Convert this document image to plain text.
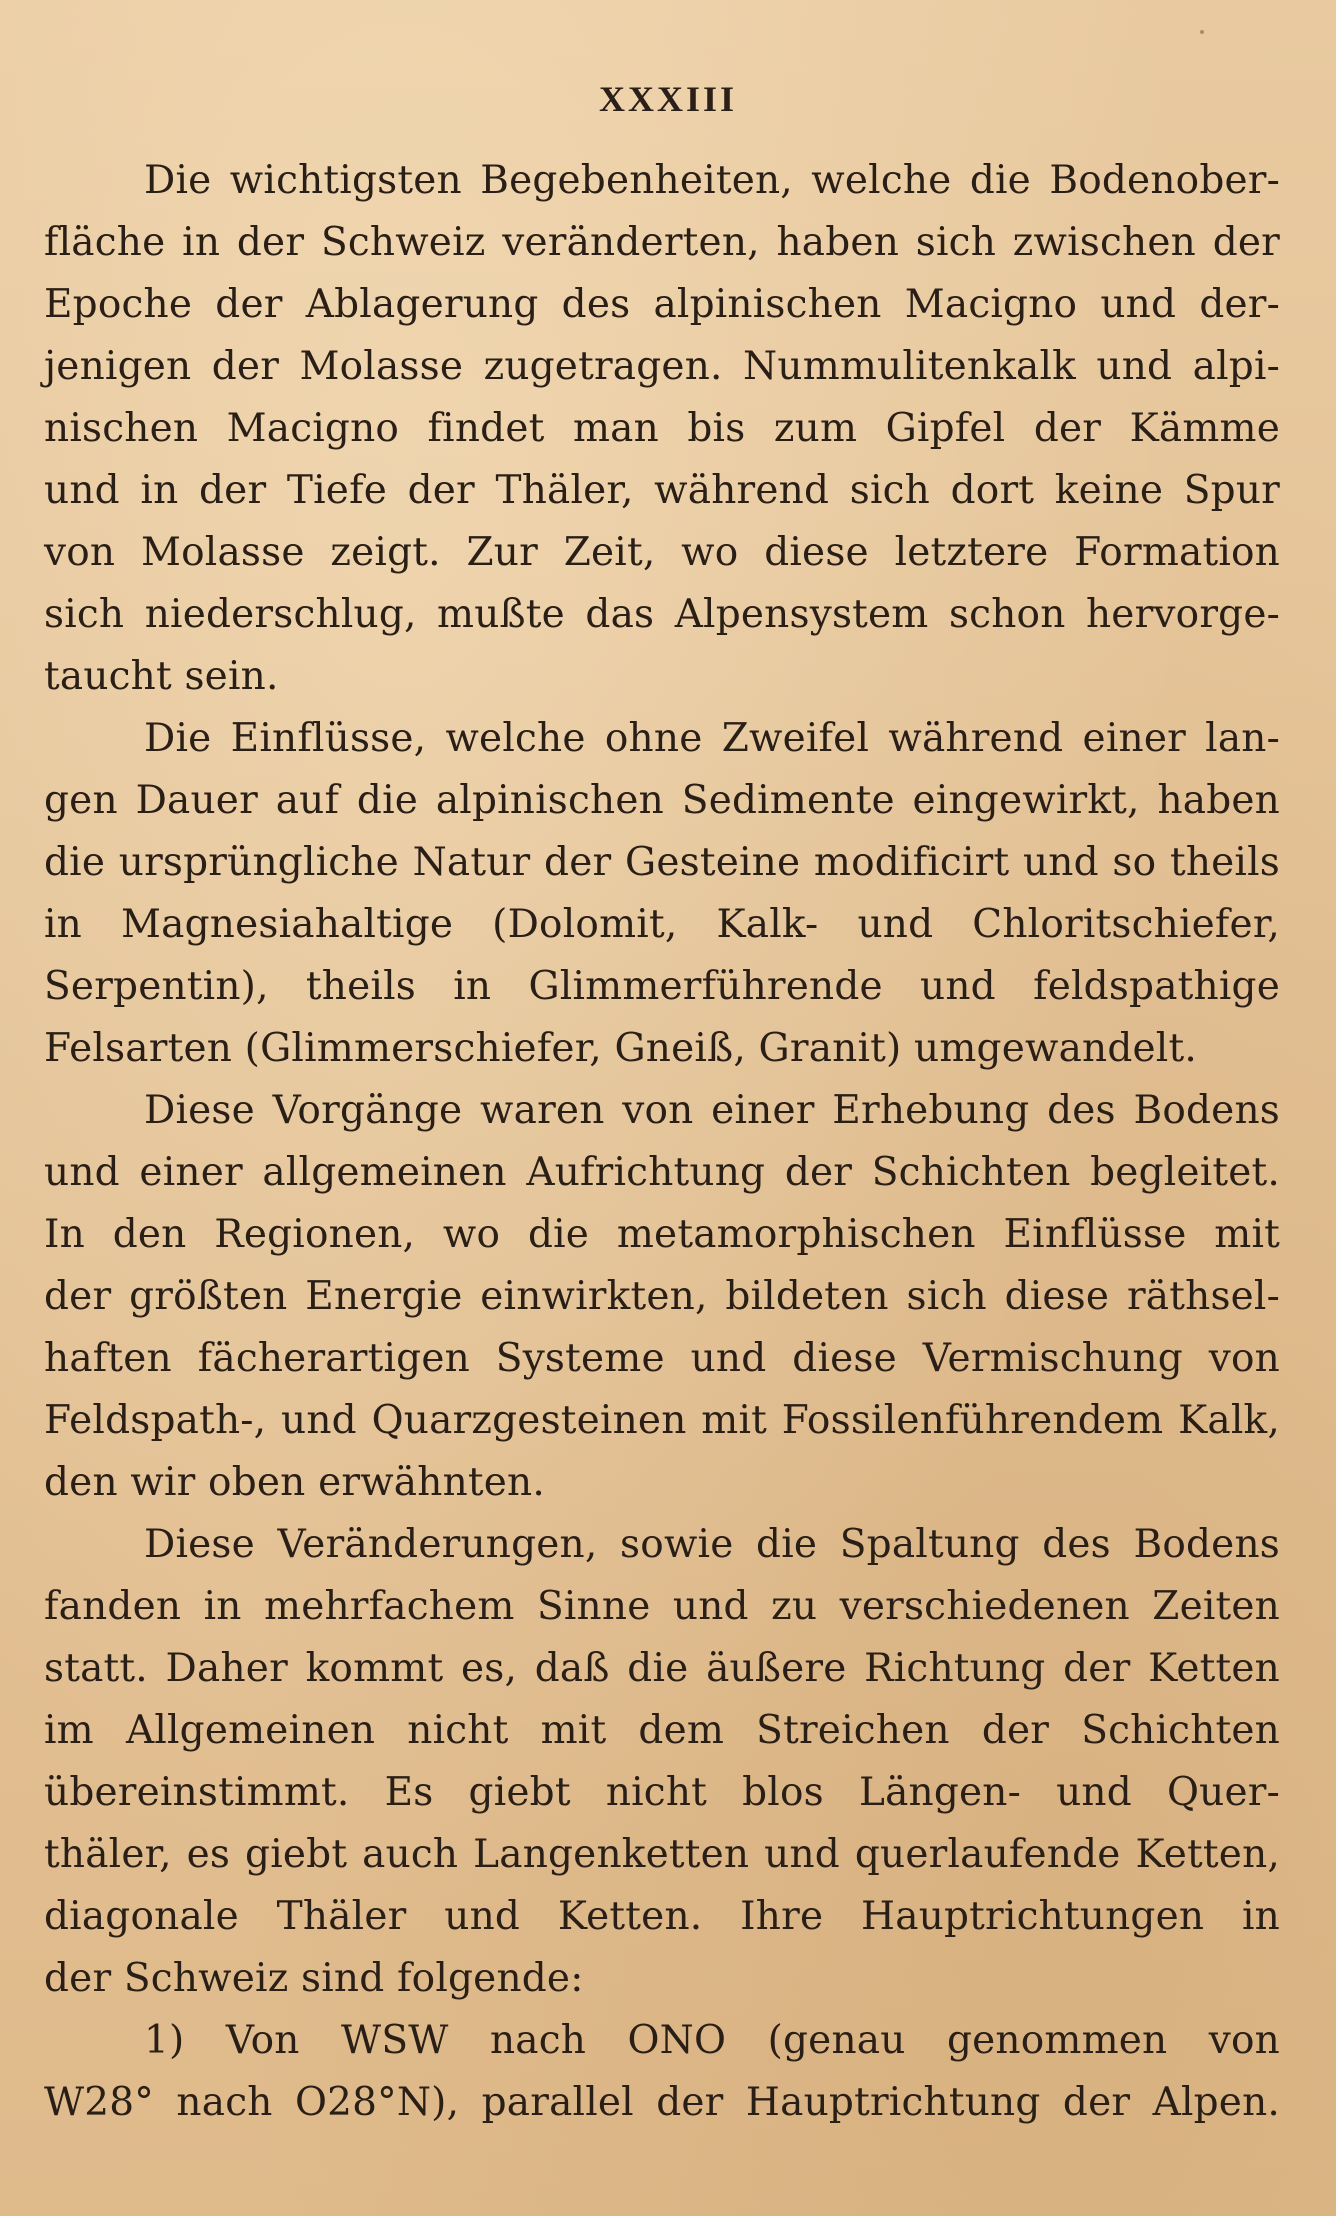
XXXIII
Die wichtigsten Begebenheiten, welche die Bodenober-
fläche in der Schweiz veränderten, haben sich zwischen der
Epoche der Ablagerung des alpinischen Macigno und der-
jenigen der Molasse zugetragen. Nummulitenkalk und alpi-
nischen Macigno findet man bis zum Gipfel der Kämme
und in der Tiefe der Thäler, während sich dort keine Spur
von Molasse zeigt. Zur Zeit, wo diese letztere Formation
sich niederschlug, mußte das Alpensystem schon hervorge-
taucht sein.
Die Einflüsse, welche ohne Zweifel während einer lan-
gen Dauer auf die alpinischen Sedimente eingewirkt, haben
die ursprüngliche Natur der Gesteine modificirt und so theils
in Magnesiahaltige (Dolomit, Kalk- und Chloritschiefer,
Serpentin), theils in Glimmerführende und feldspathige
Felsarten (Glimmerschiefer, Gneiß, Granit) umgewandelt.
Diese Vorgänge waren von einer Erhebung des Bodens
und einer allgemeinen Aufrichtung der Schichten begleitet.
In den Regionen, wo die metamorphischen Einflüsse mit
der größten Energie einwirkten, bildeten sich diese räthsel-
haften fächerartigen Systeme und diese Vermischung von
Feldspath-, und Quarzgesteinen mit Fossilenführendem Kalk,
den wir oben erwähnten.
Diese Veränderungen, sowie die Spaltung des Bodens
fanden in mehrfachem Sinne und zu verschiedenen Zeiten
statt. Daher kommt es, daß die äußere Richtung der Ketten
im Allgemeinen nicht mit dem Streichen der Schichten
übereinstimmt. Es giebt nicht blos Längen- und Quer-
thäler, es giebt auch Langenketten und querlaufende Ketten,
diagonale Thäler und Ketten. Ihre Hauptrichtungen in
der Schweiz sind folgende:
1) Von WSW nach ONO (genau genommen von
W28° nach O28°N), parallel der Hauptrichtung der Alpen.
